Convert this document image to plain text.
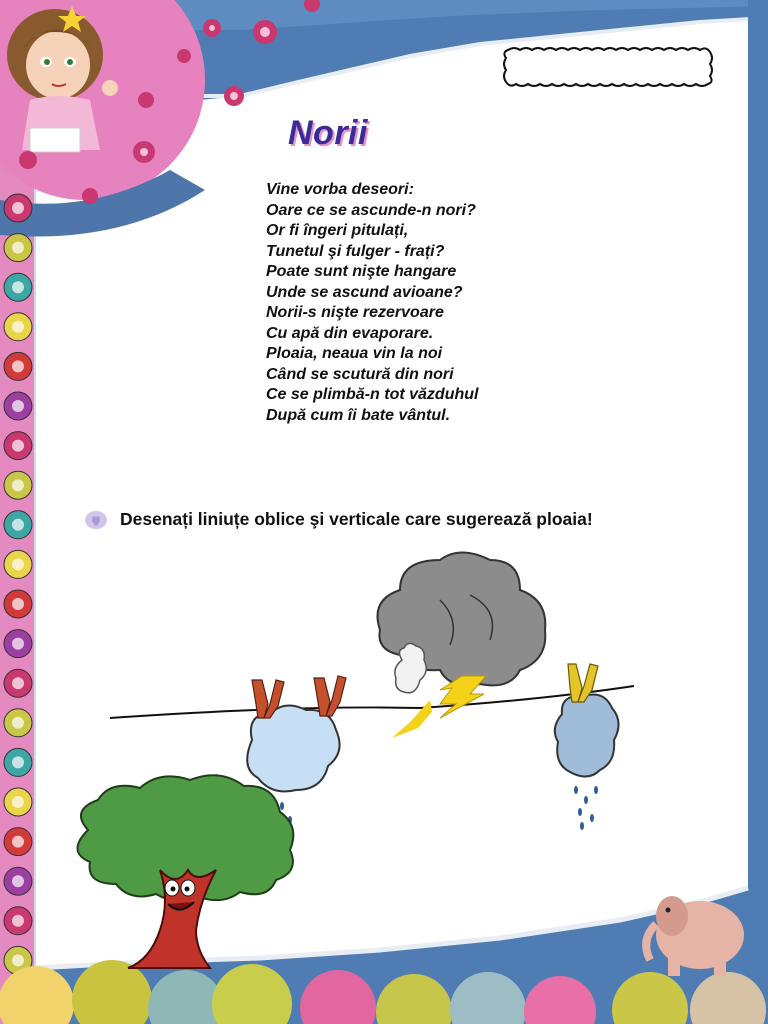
Norii
Vine vorba deseori:
Oare ce se ascunde-n nori?
Or fi îngeri pitulați,
Tunetul şi fulger - frați?
Poate sunt nişte hangare
Unde se ascund avioane?
Norii-s nişte rezervoare
Cu apă din evaporare.
Ploaia, neaua vin la noi
Când se scutură din nori
Ce se plimbă-n tot văzduhul
După cum îi bate vântul.
Desenați liniuțe oblice şi verticale care sugerează ploaia!
